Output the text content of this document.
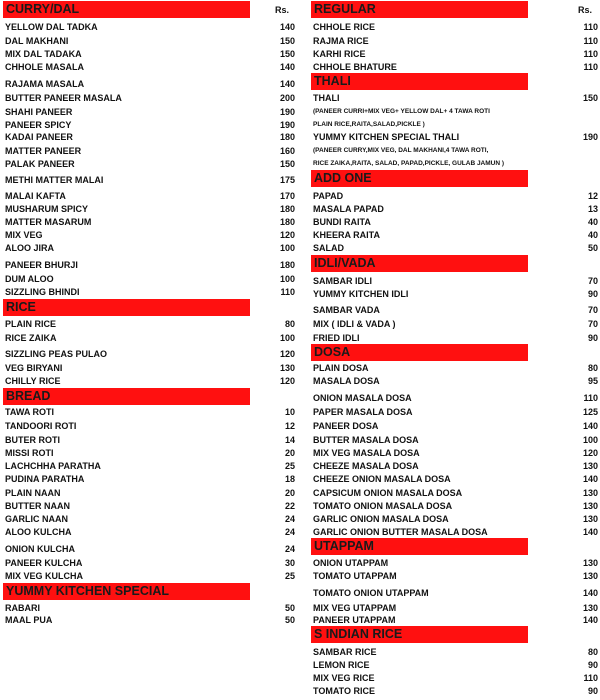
CURRY/DAL	Rs.
YELLOW DAL TADKA	140
DAL MAKHANI	150
MIX DAL TADAKA	150
CHHOLE MASALA	140
RAJAMA MASALA	140
BUTTER PANEER MASALA	200
SHAHI PANEER	190
PANEER SPICY	190
KADAI PANEER	180
MATTER PANEER	160
PALAK PANEER	150
METHI MATTER MALAI	175
MALAI KAFTA	170
MUSHARUM SPICY	180
MATTER MASARUM	180
MIX VEG	120
ALOO JIRA	100
PANEER BHURJI	180
DUM ALOO	100
SIZZLING BHINDI	110
RICE
PLAIN RICE	80
RICE ZAIKA	100
SIZZLING PEAS PULAO	120
VEG BIRYANI	130
CHILLY RICE	120
BREAD
TAWA ROTI	10
TANDOORI ROTI	12
BUTER ROTI	14
MISSI ROTI	20
LACHCHHA PARATHA	25
PUDINA PARATHA	18
PLAIN NAAN	20
BUTTER NAAN	22
GARLIC NAAN	24
ALOO KULCHA	24
ONION KULCHA	24
PANEER KULCHA	30
MIX VEG KULCHA	25
YUMMY KITCHEN SPECIAL
RABARI	50
MAAL PUA	50
REGULAR	Rs.
CHHOLE RICE	110
RAJMA RICE	110
KARHI RICE	110
CHHOLE BHATURE	110
THALI
THALI	150
(PANEER CURRI+MIX VEG+ YELLOW DAL+ 4 TAWA ROTI
PLAIN RICE,RAITA,SALAD,PICKLE )
YUMMY KITCHEN SPECIAL THALI	190
(PANEER CURRY,MIX VEG, DAL MAKHANI,4 TAWA ROTI,
RICE ZAIKA,RAITA, SALAD, PAPAD,PICKLE, GULAB JAMUN )
ADD ONE
PAPAD	12
MASALA PAPAD	13
BUNDI RAITA	40
KHEERA RAITA	40
SALAD	50
IDLI/VADA
SAMBAR IDLI	70
YUMMY KITCHEN IDLI	90
SAMBAR VADA	70
MIX ( IDLI & VADA )	70
FRIED IDLI	90
DOSA
PLAIN DOSA	80
MASALA DOSA	95
ONION MASALA DOSA	110
PAPER MASALA DOSA	125
PANEER DOSA	140
BUTTER MASALA DOSA	100
MIX VEG MASALA DOSA	120
CHEEZE MASALA DOSA	130
CHEEZE ONION MASALA DOSA	140
CAPSICUM ONION MASALA DOSA	130
TOMATO ONION MASALA DOSA	130
GARLIC ONION MASALA DOSA	130
GARLIC ONION BUTTER MASALA DOSA	140
UTAPPAM
ONION UTAPPAM	130
TOMATO UTAPPAM	130
TOMATO ONION UTAPPAM	140
MIX VEG UTAPPAM	130
PANEER UTAPPAM	140
S INDIAN RICE
SAMBAR RICE	80
LEMON RICE	90
MIX VEG RICE	110
TOMATO RICE	90
